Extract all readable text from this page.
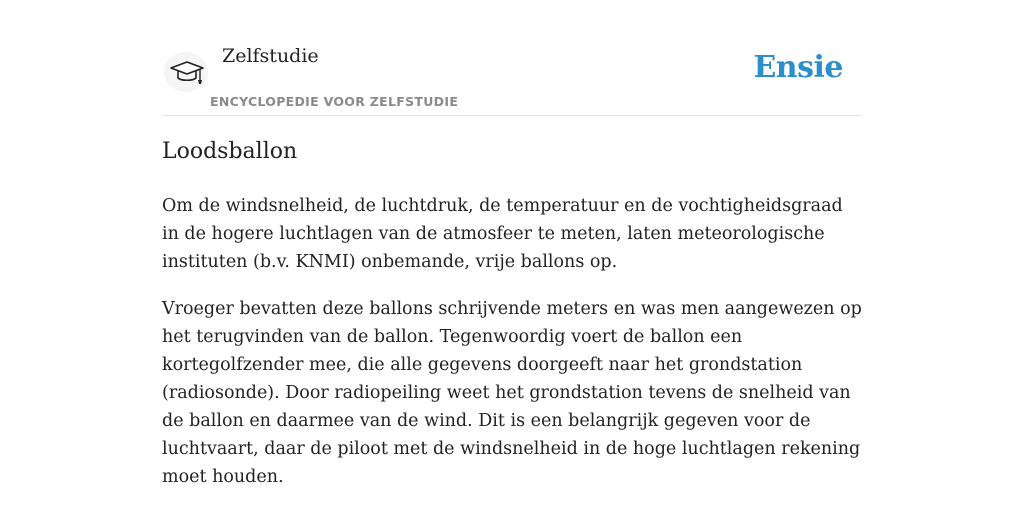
Zelfstudie
ENCYCLOPEDIE VOOR ZELFSTUDIE
Ensie
Loodsballon

Om de windsnelheid, de luchtdruk, de temperatuur en de vochtigheidsgraad in de hogere luchtlagen van de atmosfeer te meten, laten meteorologische instituten (b.v. KNMI) onbemande, vrije ballons op.

Vroeger bevatten deze ballons schrijvende meters en was men aangewezen op het terugvinden van de ballon. Tegenwoordig voert de ballon een kortegolfzender mee, die alle gegevens doorgeeft naar het grondstation (radiosonde). Door radiopeiling weet het grondstation tevens de snelheid van de ballon en daarmee van de wind. Dit is een belangrijk gegeven voor de luchtvaart, daar de piloot met de windsnelheid in de hoge luchtlagen rekening moet houden.
